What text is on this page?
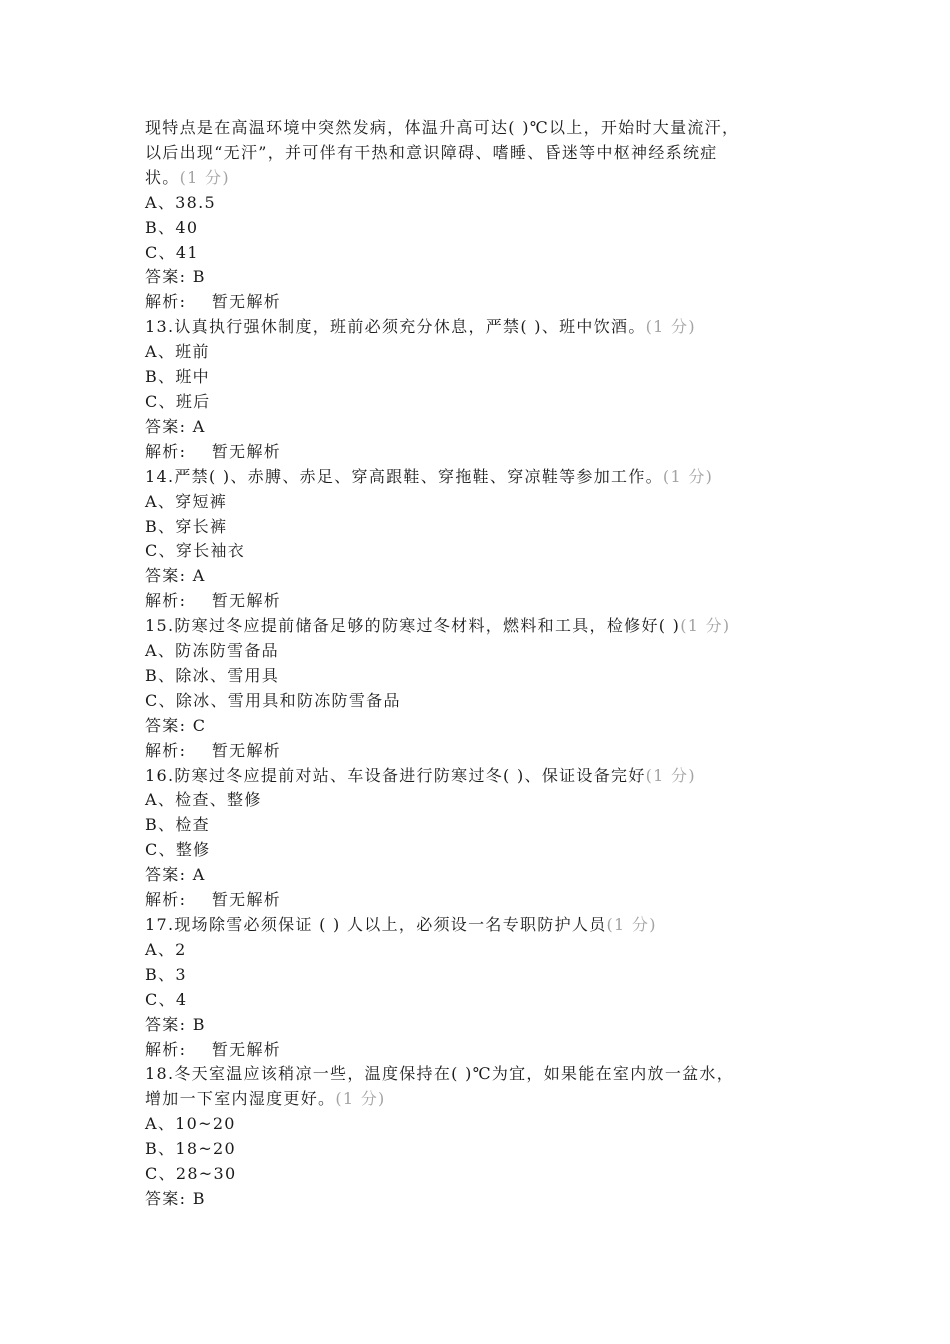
现特点是在高温环境中突然发病，体温升高可达( )℃以上，开始时大量流汗，
以后出现“无汗”，并可伴有干热和意识障碍、嗜睡、昏迷等中枢神经系统症
状。(1 分)
A、38.5
B、40
C、41
答案: B
解析: 暂无解析
13.认真执行强休制度，班前必须充分休息，严禁( )、班中饮酒。(1 分)
A、班前
B、班中
C、班后
答案: A
解析: 暂无解析
14.严禁( )、赤膊、赤足、穿高跟鞋、穿拖鞋、穿凉鞋等参加工作。(1 分)
A、穿短裤
B、穿长裤
C、穿长袖衣
答案: A
解析: 暂无解析
15.防寒过冬应提前储备足够的防寒过冬材料，燃料和工具，检修好( )(1 分)
A、防冻防雪备品
B、除冰、雪用具
C、除冰、雪用具和防冻防雪备品
答案: C
解析: 暂无解析
16.防寒过冬应提前对站、车设备进行防寒过冬( )、保证设备完好(1 分)
A、检查、整修
B、检查
C、整修
答案: A
解析: 暂无解析
17.现场除雪必须保证 ( ) 人以上，必须设一名专职防护人员(1 分)
A、2
B、3
C、4
答案: B
解析: 暂无解析
18.冬天室温应该稍凉一些，温度保持在( )℃为宜，如果能在室内放一盆水，
增加一下室内湿度更好。(1 分)
A、10~20
B、18~20
C、28~30
答案: B
